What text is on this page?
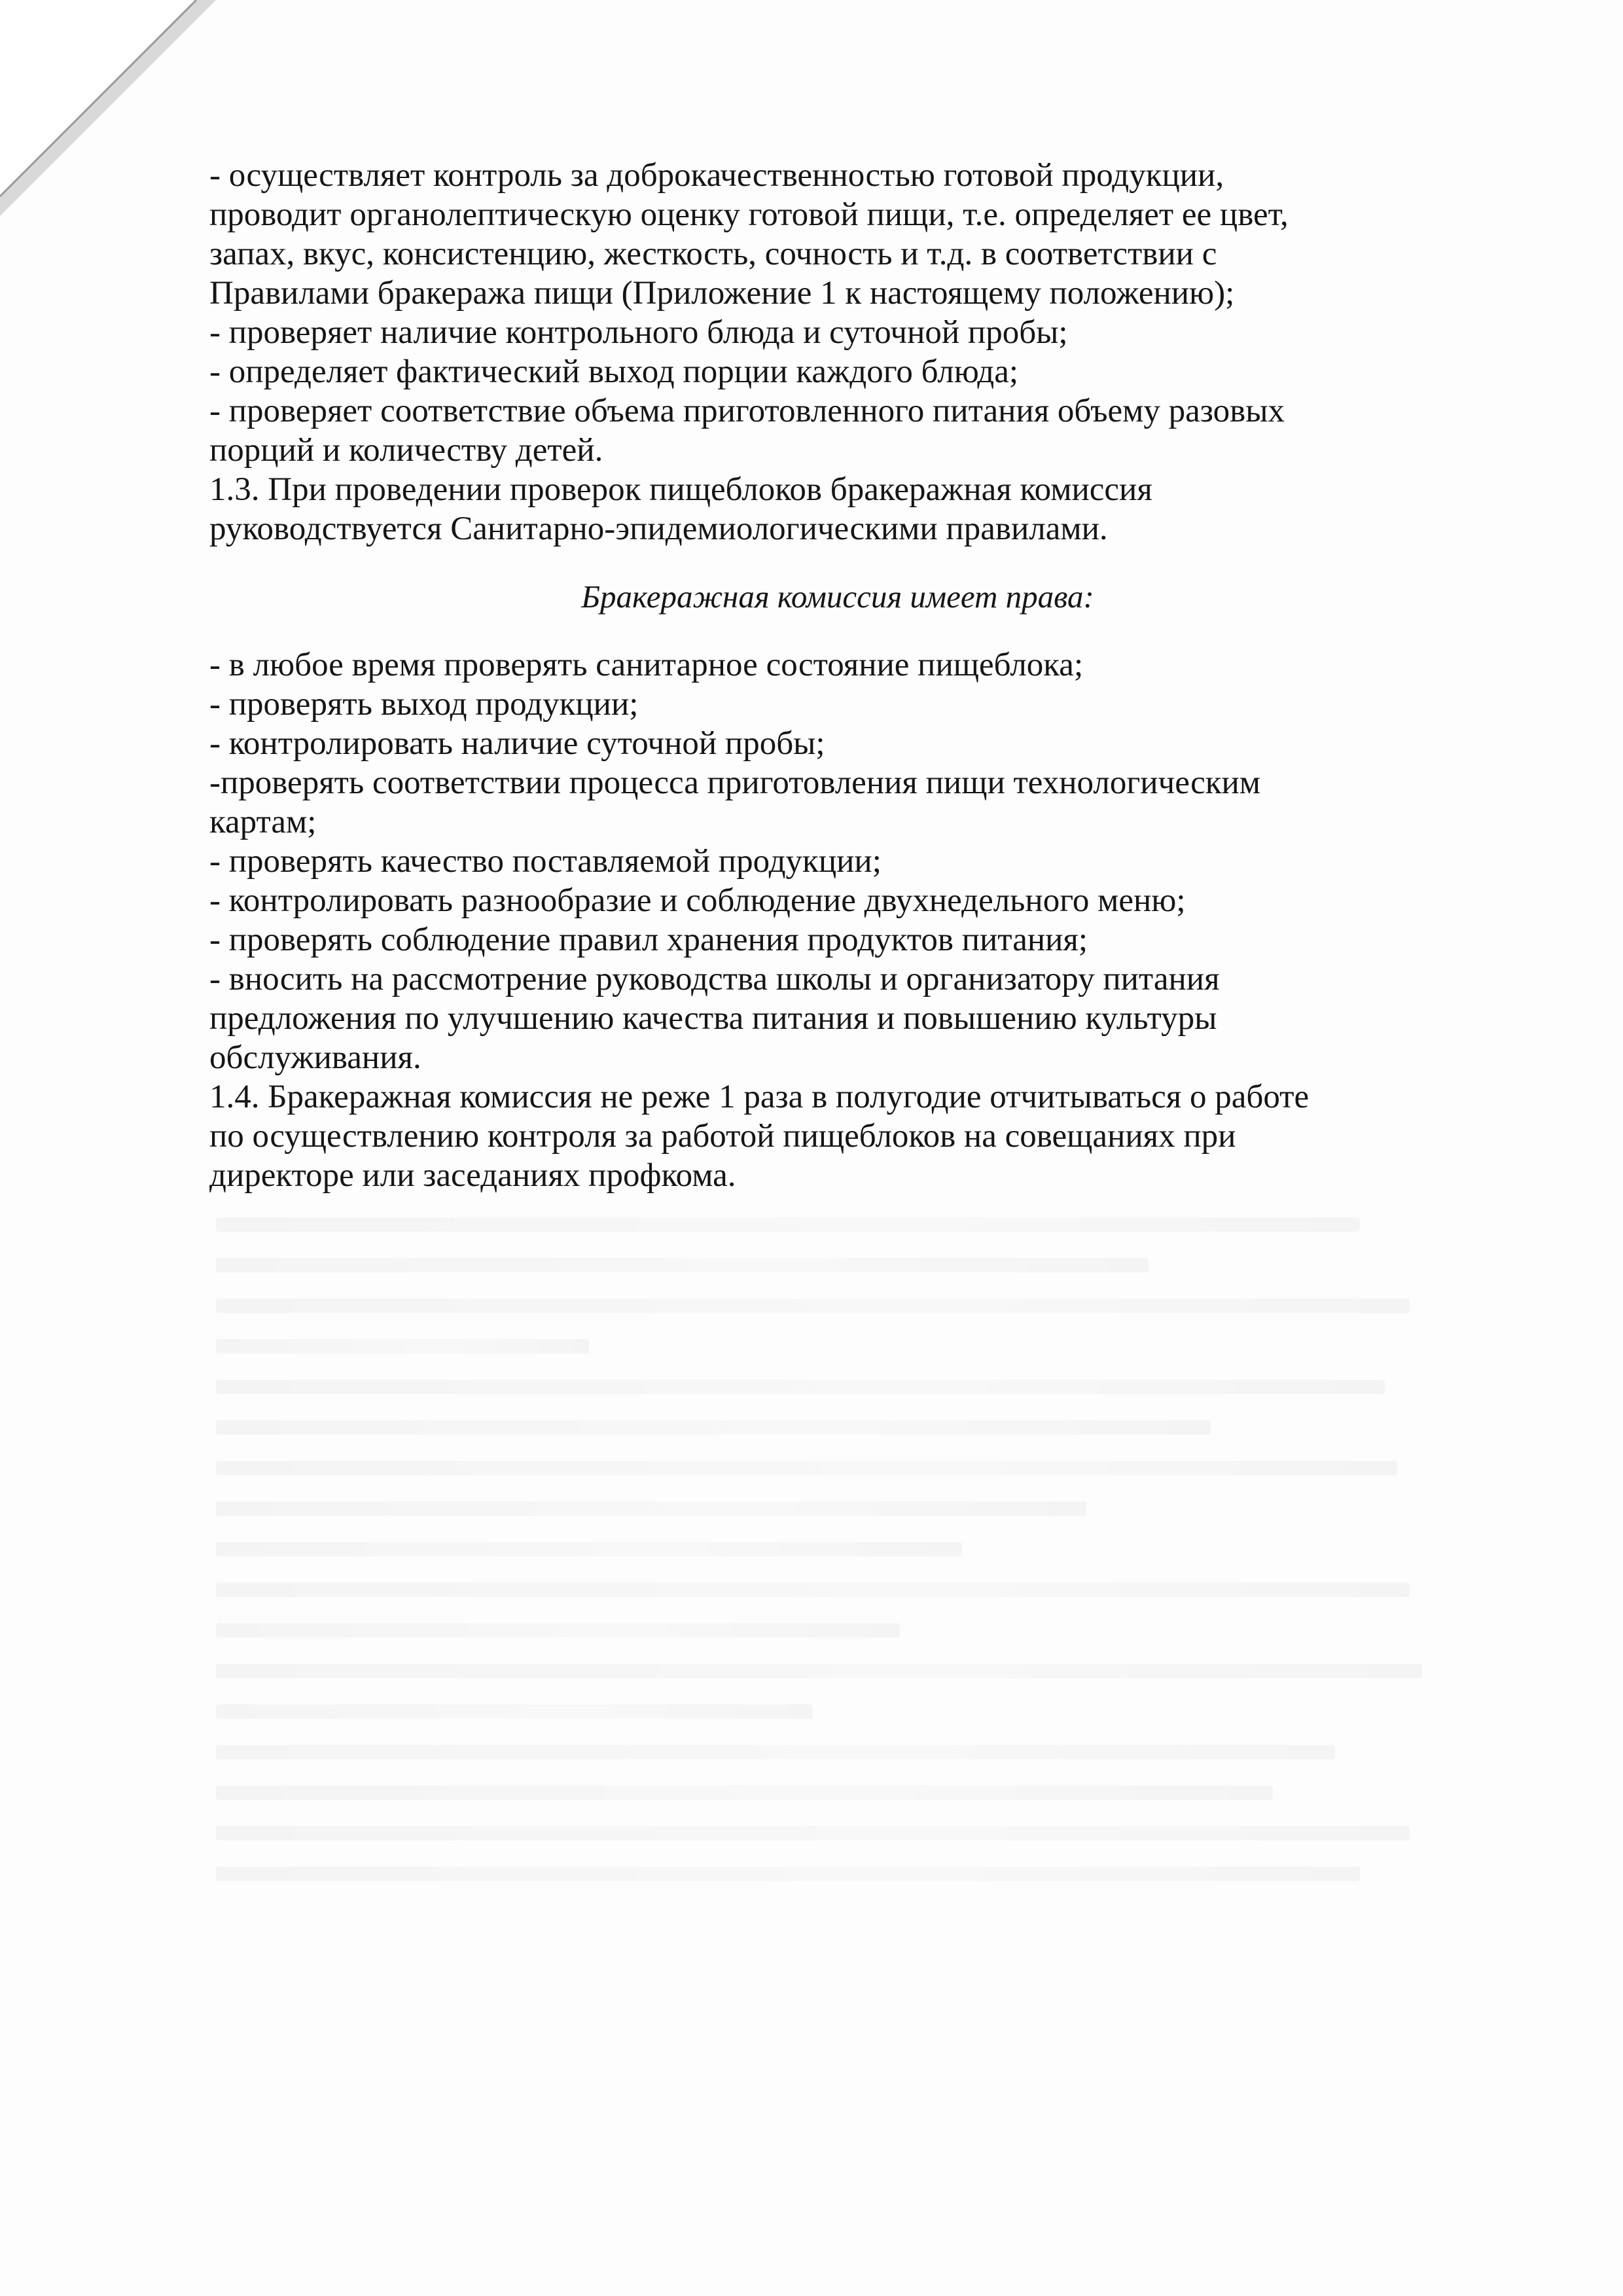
- осуществляет контроль за доброкачественностью готовой продукции,

проводит органолептическую оценку готовой пищи, т.е. определяет ее цвет,

запах, вкус, консистенцию, жесткость, сочность и т.д. в соответствии с

Правилами бракеража пищи (Приложение 1 к настоящему положению);

- проверяет наличие контрольного блюда и суточной пробы;

- определяет фактический выход порции каждого блюда;

- проверяет соответствие объема приготовленного питания объему разовых

порций и количеству детей.

1.3. При проведении проверок пищеблоков бракеражная комиссия

руководствуется Санитарно-эпидемиологическими правилами.

Бракеражная комиссия имеет права:

- в любое время проверять санитарное состояние пищеблока;

- проверять выход продукции;

- контролировать наличие суточной пробы;

-проверять соответствии процесса приготовления пищи технологическим

картам;

- проверять качество поставляемой продукции;

- контролировать разнообразие и соблюдение двухнедельного меню;

- проверять соблюдение правил хранения продуктов питания;

- вносить на рассмотрение руководства школы и организатору питания

предложения по улучшению качества питания и повышению культуры

обслуживания.

1.4. Бракеражная комиссия не реже 1 раза в полугодие отчитываться о работе

по осуществлению контроля за работой пищеблоков на совещаниях при

директоре или заседаниях профкома.
